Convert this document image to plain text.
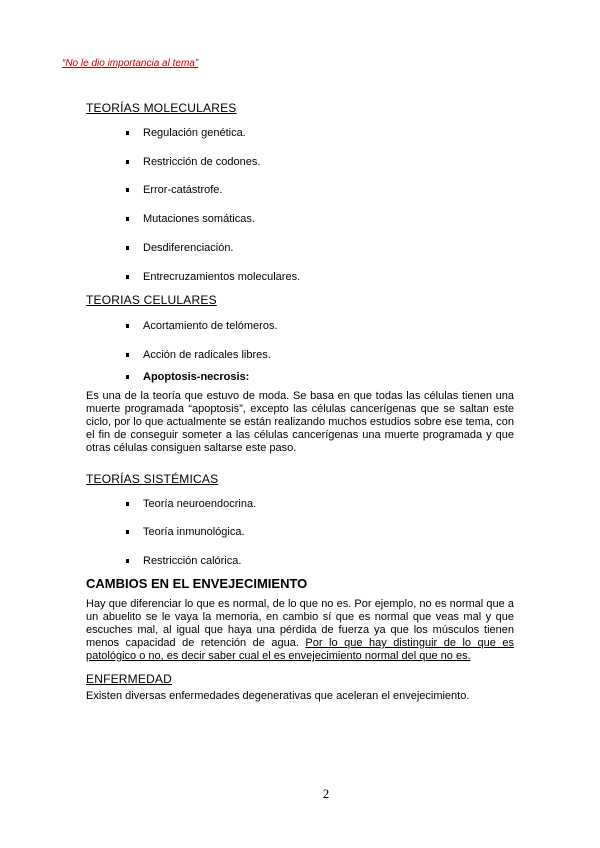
“No le dio importancia al tema”
TEORÍAS MOLECULARES
Regulación genética.
Restricción de codones.
Error-catástrofe.
Mutaciones somáticas.
Desdiferenciación.
Entrecruzamientos moleculares.
TEORIAS CELULARES
Acortamiento de telómeros.
Acción de radicales libres.
Apoptosis-necrosis:
Es una de la teoría que estuvo de moda. Se basa en que todas las células tienen una muerte programada “apoptosis”, excepto las células cancerígenas que se saltan este ciclo, por lo que actualmente se están realizando muchos estudios sobre ese tema, con el fin de conseguir someter a las células cancerígenas una muerte programada y que otras células consiguen saltarse este paso.
TEORÍAS SISTÉMICAS
Teoría neuroendocrina.
Teoría inmunológica.
Restricción calórica.
CAMBIOS EN EL ENVEJECIMIENTO
Hay que diferenciar lo que es normal, de lo que no es. Por ejemplo, no es normal que a un abuelito se le vaya la memoria, en cambio sí que es normal que veas mal y que escuches mal, al igual que haya una pérdida de fuerza ya que los músculos tienen menos capacidad de retención de agua. Por lo que hay distinguir de lo que es patológico o no, es decir saber cual el es envejecimiento normal del que no es.
ENFERMEDAD
Existen diversas enfermedades degenerativas que aceleran el envejecimiento.
2
